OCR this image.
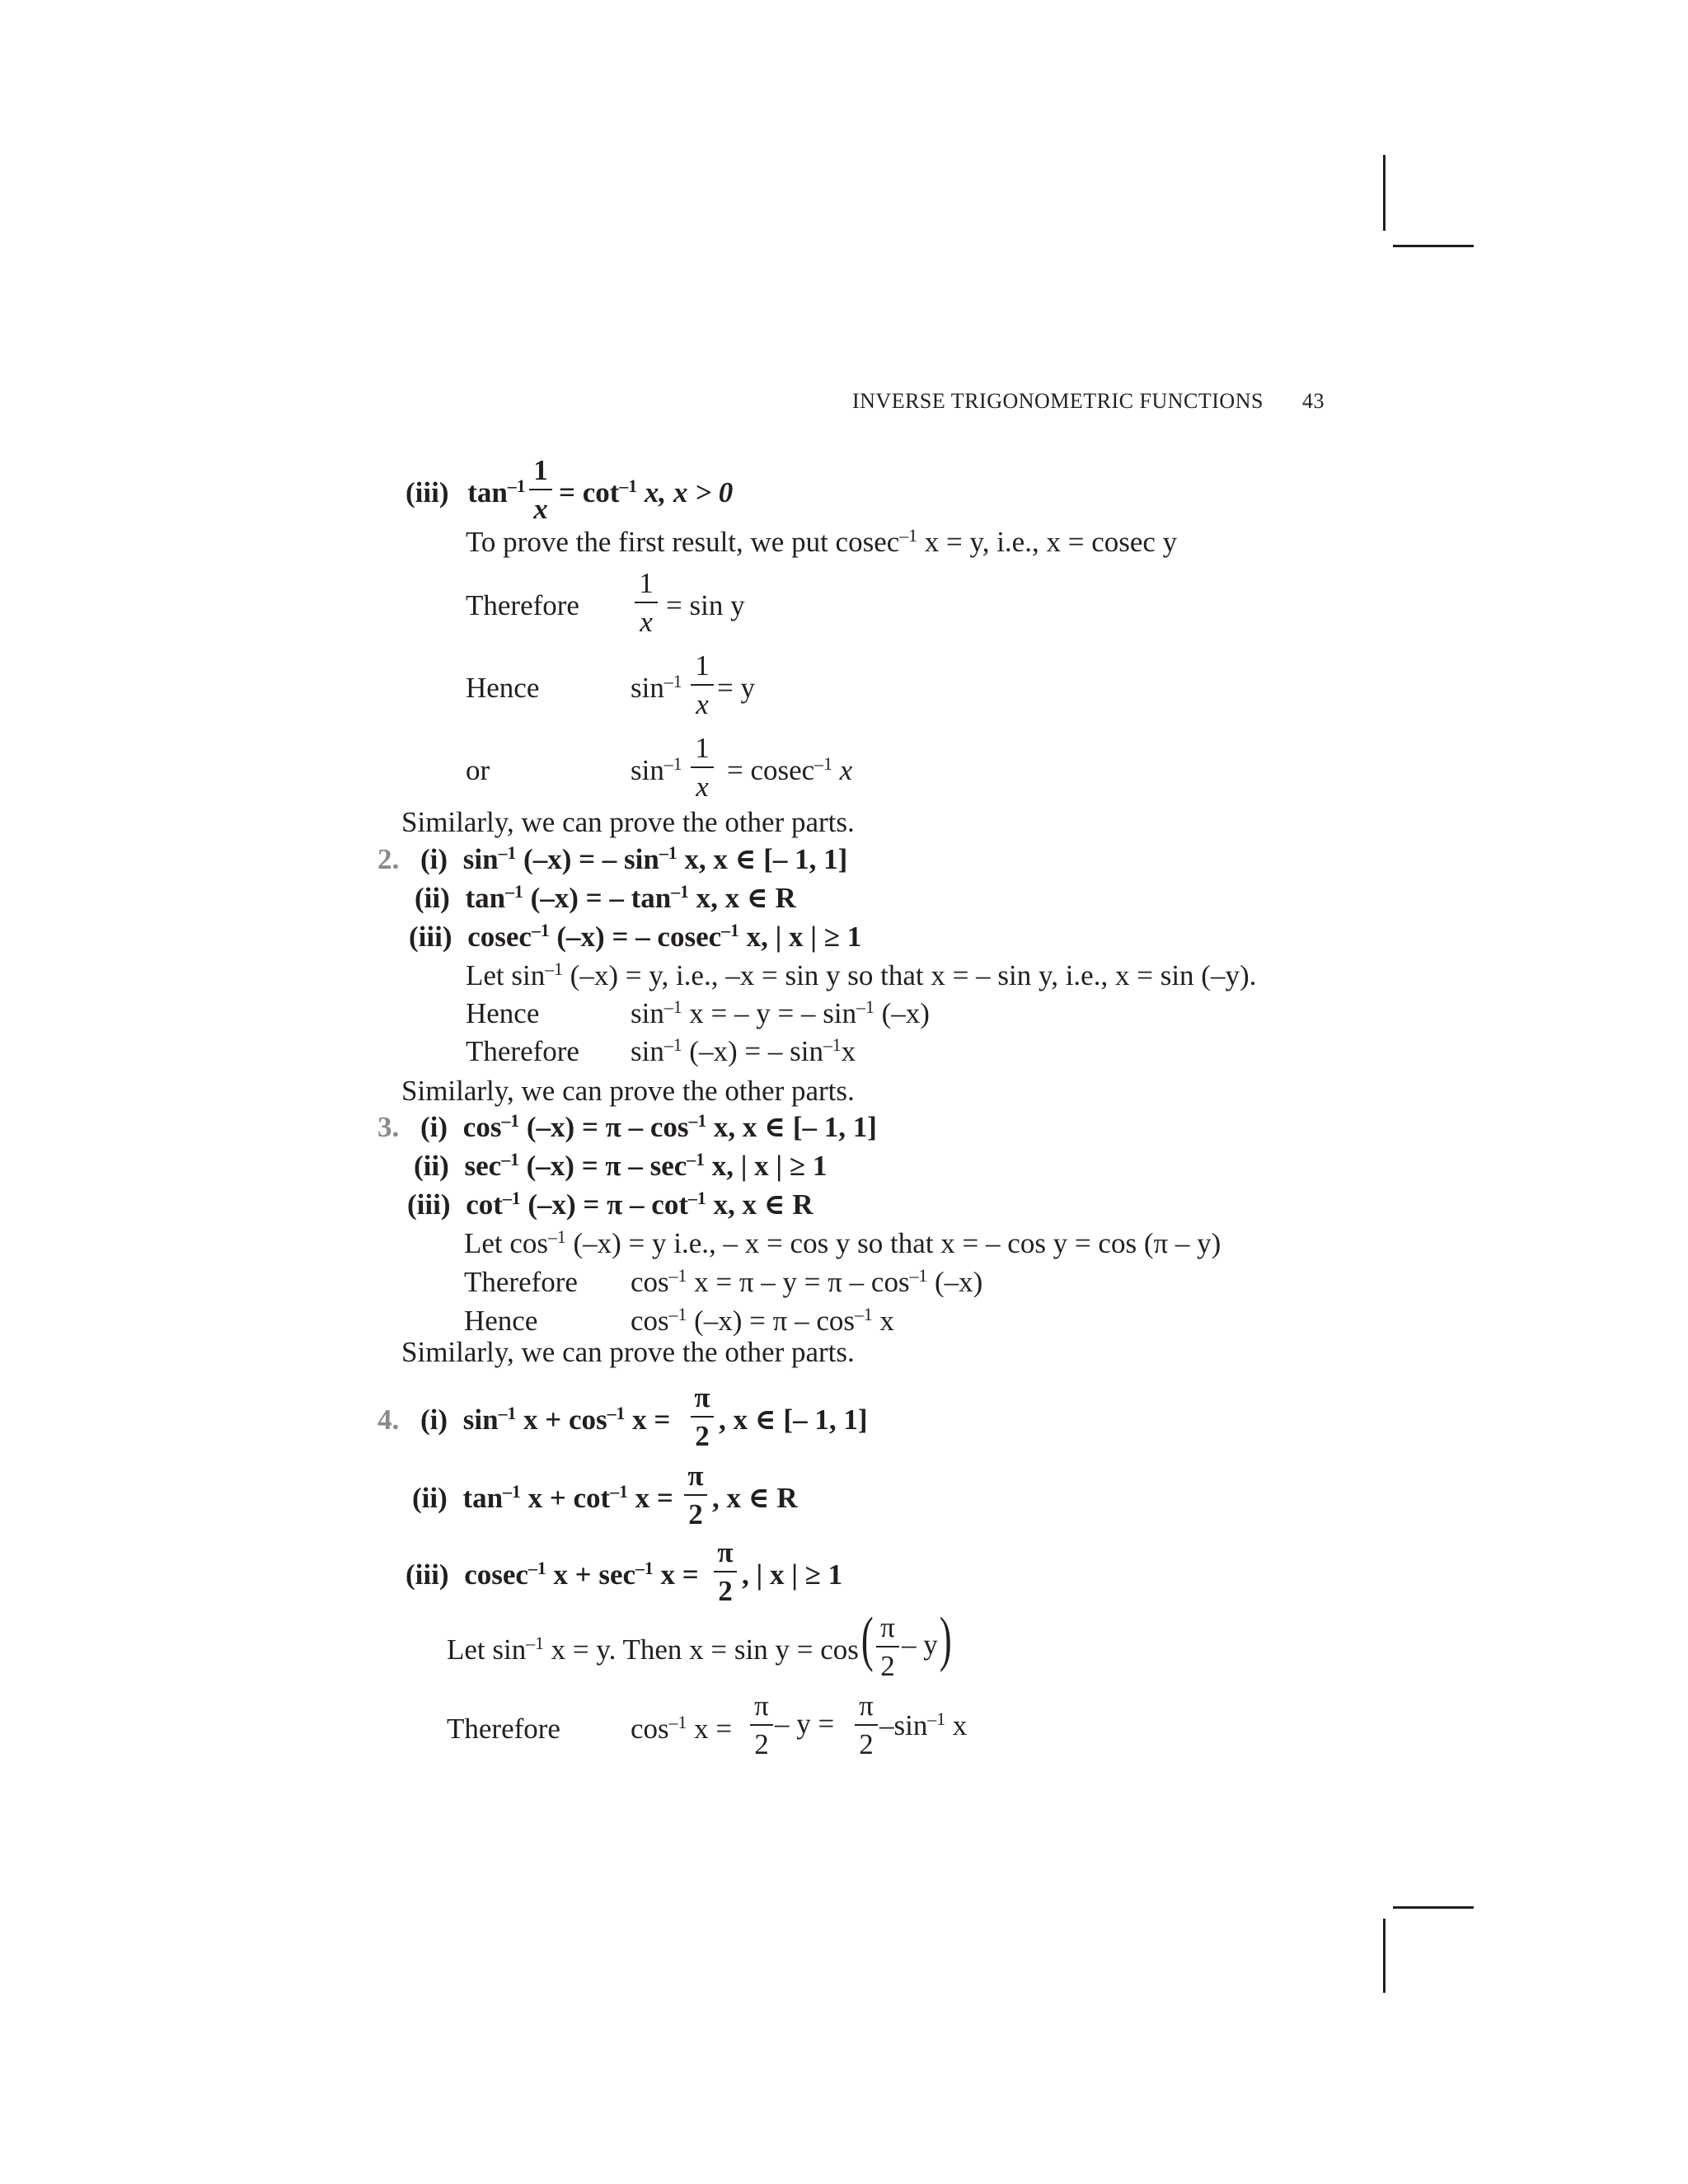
INVERSE TRIGONOMETRIC FUNCTIONS 43
(iii) $\tan^{-1}$
1
x
= $\cot^{-1} x$, x > 0
To prove the first result, we put cosec$^{-1}$ x = y, i.e., x = cosec y
Therefore
1
x
= sin y
Hence	$\sin^{-1}$
1
x
= y
or	$\sin^{-1}$
1
x
= cosec$^{-1}$ x
Similarly, we can prove the other parts.
2. (i) $\sin^{-1} (-x)$ = – $\sin^{-1} x$, x ∈ [– 1, 1]
(ii) $\tan^{-1} (-x)$ = – $\tan^{-1} x$, x ∈ R
(iii) cosec$^{-1}$ (–x) = – cosec$^{-1}$ x, | x | ≥ 1
Let $\sin^{-1} (-x) = y$, i.e., –x = sin y so that x = – sin y, i.e., x = sin (–y).
Hence	$\sin^{-1} x$ = – y = – $\sin^{-1} (-x)$
Therefore $\sin^{-1} (-x)$ = – $\sin^{-1}x$
Similarly, we can prove the other parts.
3. (i) $\cos^{-1} (-x) = \pi - \cos^{-1} x$, x ∈ [– 1, 1]
(ii) $\sec^{-1} (-x) = \pi - \sec^{-1} x$, | x | ≥ 1
(iii) $\cot^{-1} (-x) = \pi - \cot^{-1} x$, x ∈ R
Let $\cos^{-1} (-x) = y$ i.e., – x = cos y so that x = – cos y = cos (π – y)
Therefore $\cos^{-1} x = \pi - y = \pi - \cos^{-1} (-x)$
Hence	$\cos^{-1} (-x) = \pi - \cos^{-1} x$
Similarly, we can prove the other parts.
4. (i) $\sin^{-1} x + \cos^{-1} x$ =
π
2
, x ∈ [– 1, 1]
(ii) $\tan^{-1} x + \cot^{-1} x$ =
π
2
, x ∈ R
(iii) cosec$^{-1}$ $x + \sec^{-1} x$ =
π
2
, | x | ≥ 1
Let $\sin^{-1} x = y$. Then x = sin y = cos ( π
2
– y )
Therefore $\cos^{-1} x$ =
π
2
– y =
π
2
$-\sin^{-1}$ x
